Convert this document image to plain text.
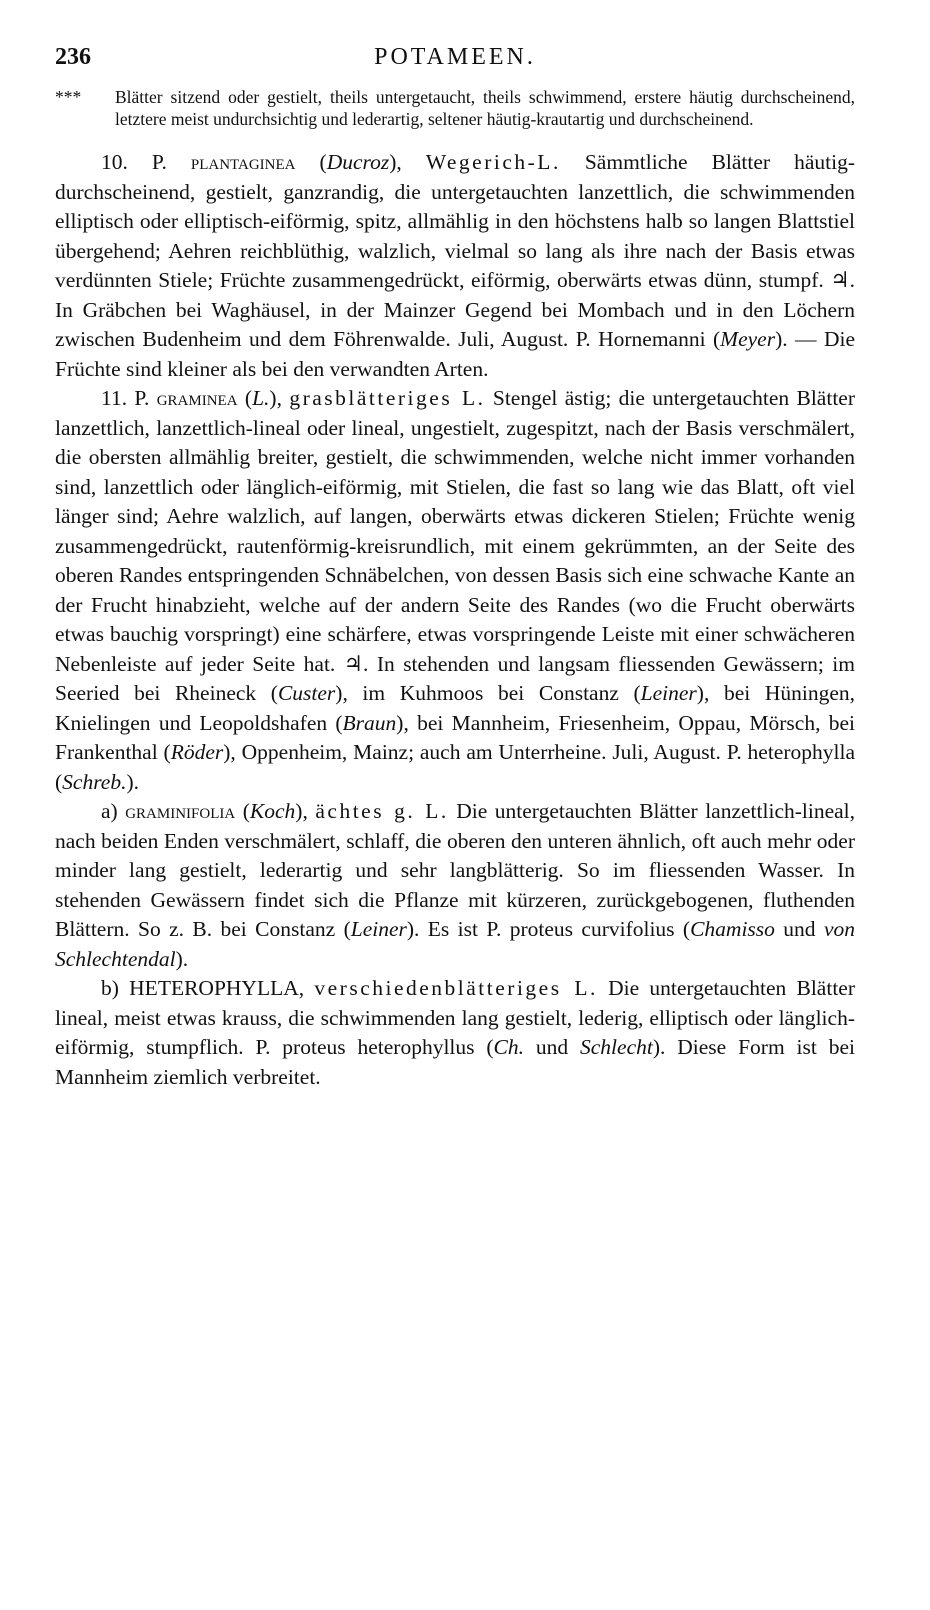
236	POTAMEEN.

*** Blätter sitzend oder gestielt, theils untergetaucht, theils schwimmend, erstere häutig durchscheinend, letztere meist undurchsichtig und lederartig, seltener häutig-krautartig und durchscheinend.

10. P. plantaginea (Ducroz), Wegerich-L. Sämmtliche Blätter häutig-durchscheinend, gestielt, ganzrandig, die untergetauchten lanzettlich, die schwimmenden elliptisch oder elliptisch-eiförmig, spitz, allmählig in den höchstens halb so langen Blattstiel übergehend; Aehren reichblüthig, walzlich, vielmal so lang als ihre nach der Basis etwas verdünnten Stiele; Früchte zusammengedrückt, eiförmig, oberwärts etwas dünn, stumpf. ♃. In Gräbchen bei Waghäusel, in der Mainzer Gegend bei Mombach und in den Löchern zwischen Budenheim und dem Föhrenwalde. Juli, August. P. Hornemanni (Meyer). — Die Früchte sind kleiner als bei den verwandten Arten.

11. P. graminea (L.), grasblätteriges L. Stengel ästig; die untergetauchten Blätter lanzettlich, lanzettlich-lineal oder lineal, ungestielt, zugespitzt, nach der Basis verschmälert, die obersten allmählig breiter, gestielt, die schwimmenden, welche nicht immer vorhanden sind, lanzettlich oder länglich-eiförmig, mit Stielen, die fast so lang wie das Blatt, oft viel länger sind; Aehre walzlich, auf langen, oberwärts etwas dickeren Stielen; Früchte wenig zusammengedrückt, rautenförmig-kreisrundlich, mit einem gekrümmten, an der Seite des oberen Randes entspringenden Schnäbelchen, von dessen Basis sich eine schwache Kante an der Frucht hinabzieht, welche auf der andern Seite des Randes (wo die Frucht oberwärts etwas bauchig vorspringt) eine schärfere, etwas vorspringende Leiste mit einer schwächeren Nebenleiste auf jeder Seite hat. ♃. In stehenden und langsam fliessenden Gewässern; im Seeried bei Rheineck (Custer), im Kuhmoos bei Constanz (Leiner), bei Hüningen, Knielingen und Leopoldshafen (Braun), bei Mannheim, Friesenheim, Oppau, Mörsch, bei Frankenthal (Röder), Oppenheim, Mainz; auch am Unterrheine. Juli, August. P. heterophylla (Schreb.).

a) graminifolia (Koch), ächtes g. L. Die untergetauchten Blätter lanzettlich-lineal, nach beiden Enden verschmälert, schlaff, die oberen den unteren ähnlich, oft auch mehr oder minder lang gestielt, lederartig und sehr langblätterig. So im fliessenden Wasser. In stehenden Gewässern findet sich die Pflanze mit kürzeren, zurückgebogenen, fluthenden Blättern. So z. B. bei Constanz (Leiner). Es ist P. proteus curvifolius (Chamisso und von Schlechtendal).

b) HETEROPHYLLA, verschiedenblätteriges L. Die untergetauchten Blätter lineal, meist etwas krauss, die schwimmenden lang gestielt, lederig, elliptisch oder länglich-eiförmig, stumpflich. P. proteus heterophyllus (Ch. und Schlecht). Diese Form ist bei Mannheim ziemlich verbreitet.
